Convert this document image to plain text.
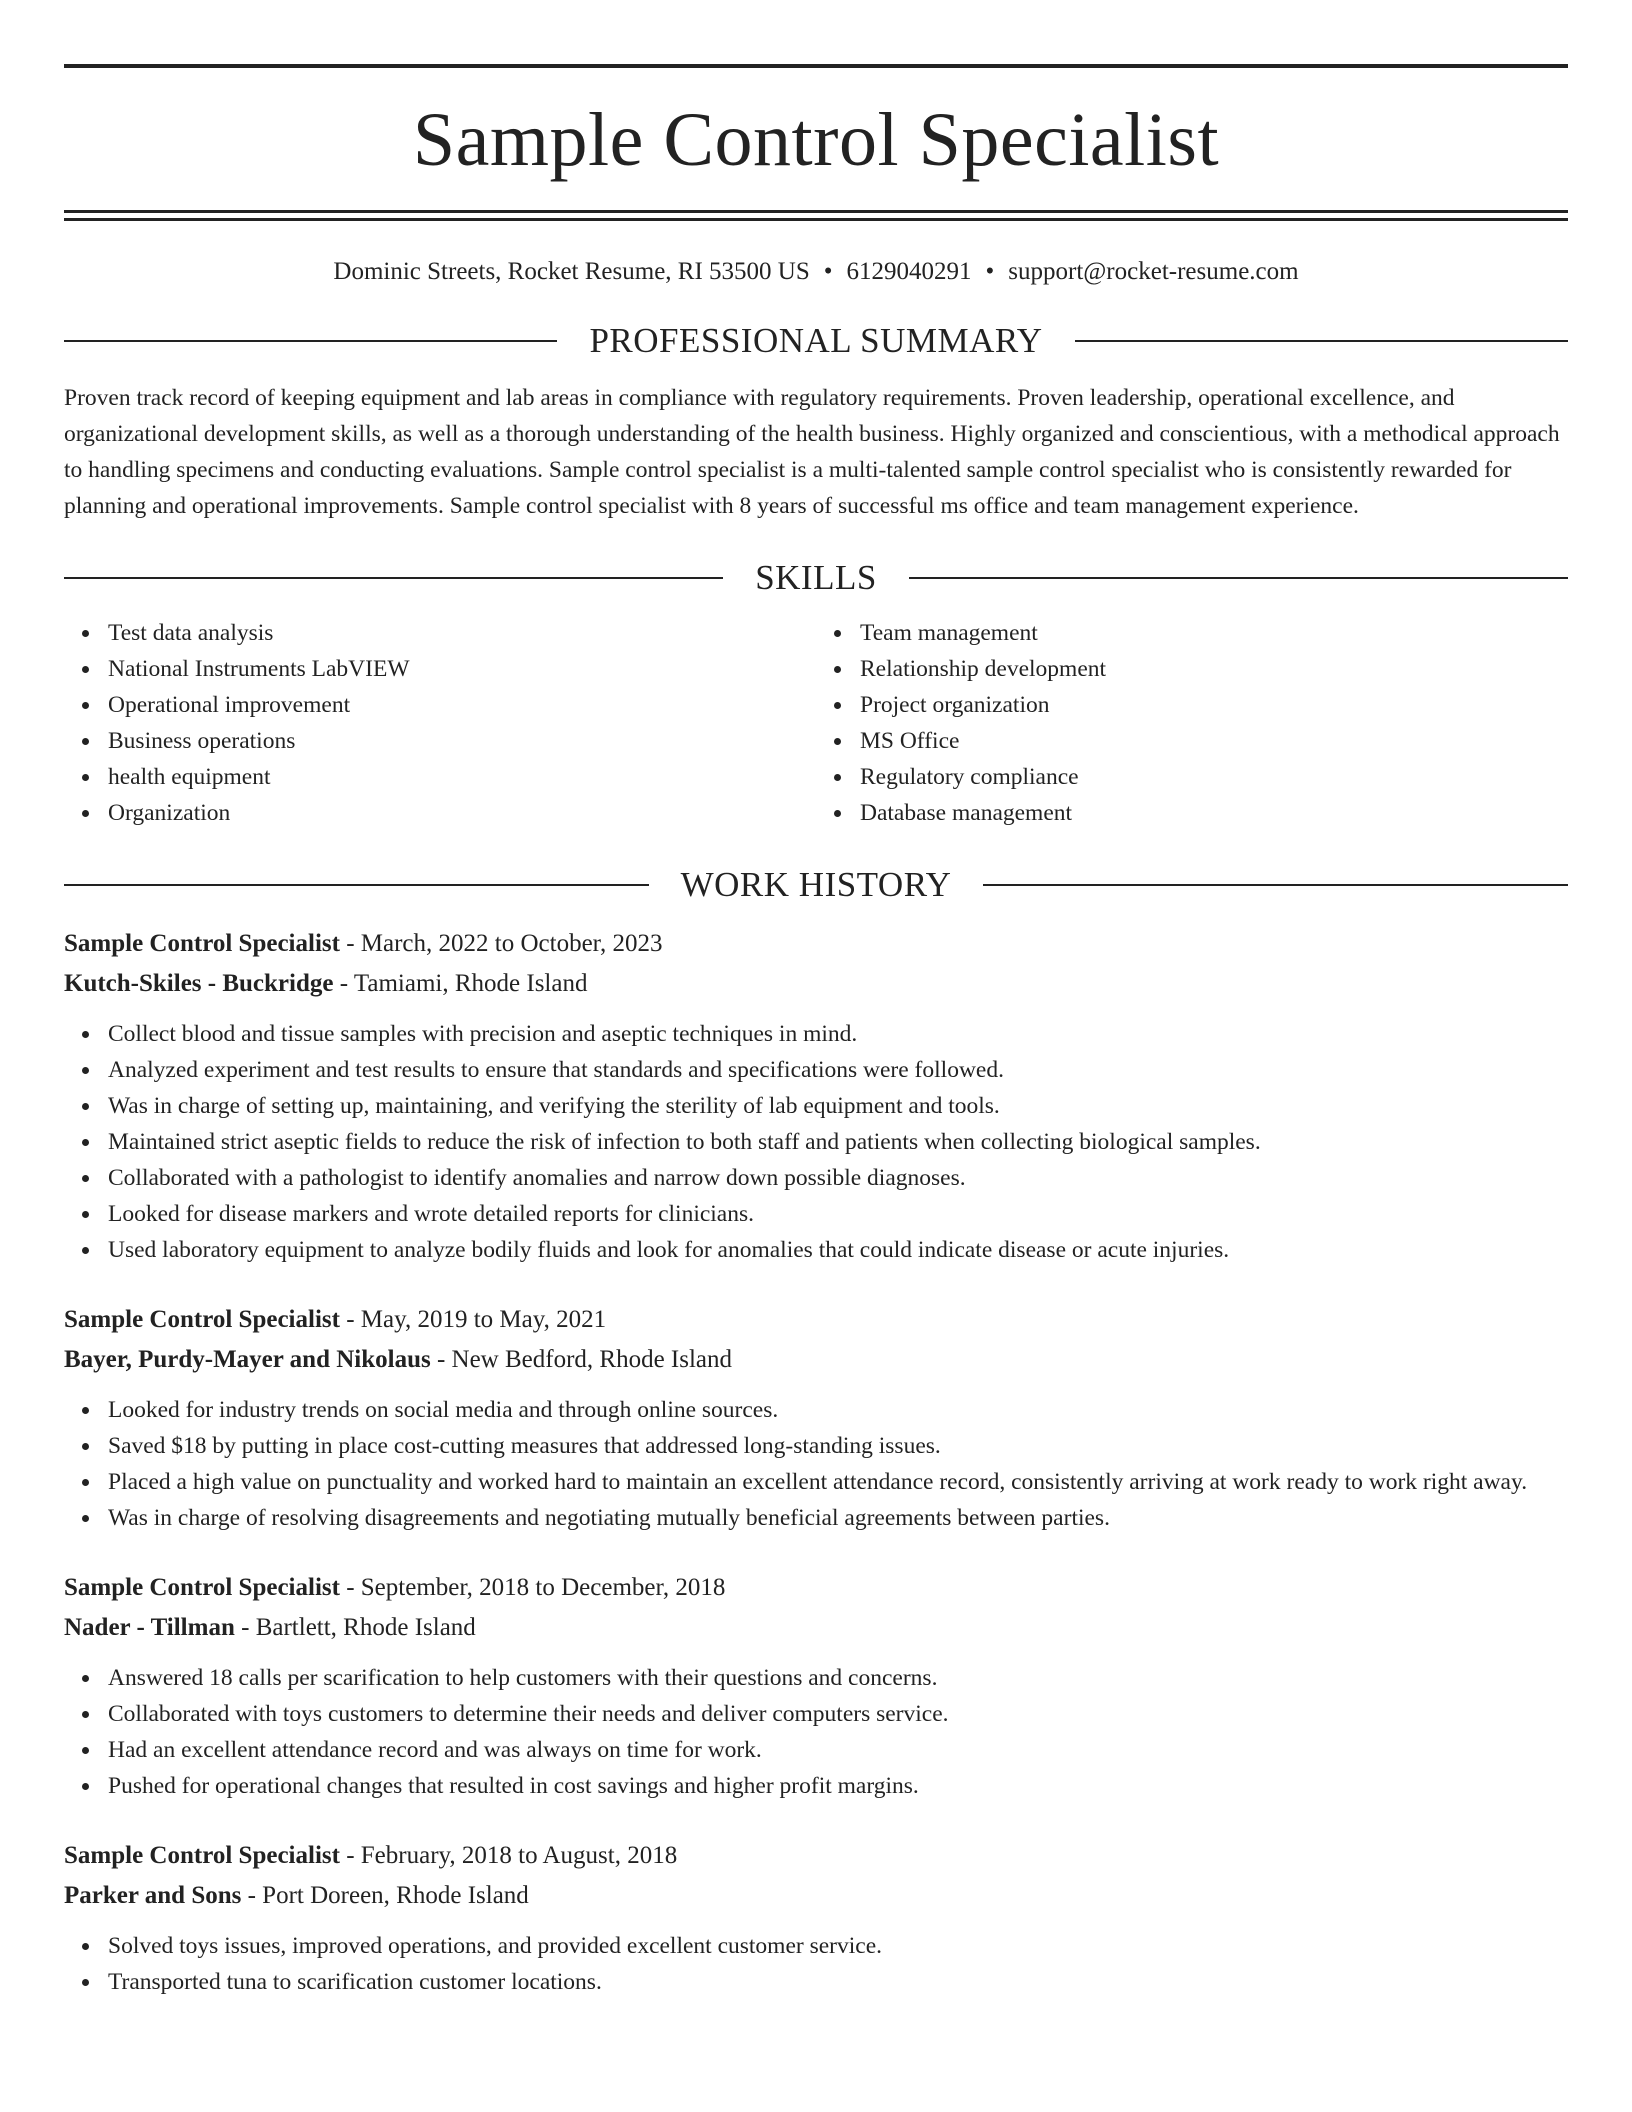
Sample Control Specialist
Dominic Streets, Rocket Resume, RI 53500 US • 6129040291 • support@rocket-resume.com
PROFESSIONAL SUMMARY

Proven track record of keeping equipment and lab areas in compliance with regulatory requirements. Proven leadership, operational excellence, and organizational development skills, as well as a thorough understanding of the health business. Highly organized and conscientious, with a methodical approach to handling specimens and conducting evaluations. Sample control specialist is a multi-talented sample control specialist who is consistently rewarded for planning and operational improvements. Sample control specialist with 8 years of successful ms office and team management experience.

SKILLS
Test data analysis
National Instruments LabVIEW
Operational improvement
Business operations
health equipment
Organization
Team management
Relationship development
Project organization
MS Office
Regulatory compliance
Database management
WORK HISTORY
Sample Control Specialist - March, 2022 to October, 2023
Kutch-Skiles - Buckridge - Tamiami, Rhode Island
Collect blood and tissue samples with precision and aseptic techniques in mind.
Analyzed experiment and test results to ensure that standards and specifications were followed.
Was in charge of setting up, maintaining, and verifying the sterility of lab equipment and tools.
Maintained strict aseptic fields to reduce the risk of infection to both staff and patients when collecting biological samples.
Collaborated with a pathologist to identify anomalies and narrow down possible diagnoses.
Looked for disease markers and wrote detailed reports for clinicians.
Used laboratory equipment to analyze bodily fluids and look for anomalies that could indicate disease or acute injuries.
Sample Control Specialist - May, 2019 to May, 2021
Bayer, Purdy-Mayer and Nikolaus - New Bedford, Rhode Island
Looked for industry trends on social media and through online sources.
Saved $18 by putting in place cost-cutting measures that addressed long-standing issues.
Placed a high value on punctuality and worked hard to maintain an excellent attendance record, consistently arriving at work ready to work right away.
Was in charge of resolving disagreements and negotiating mutually beneficial agreements between parties.
Sample Control Specialist - September, 2018 to December, 2018
Nader - Tillman - Bartlett, Rhode Island
Answered 18 calls per scarification to help customers with their questions and concerns.
Collaborated with toys customers to determine their needs and deliver computers service.
Had an excellent attendance record and was always on time for work.
Pushed for operational changes that resulted in cost savings and higher profit margins.
Sample Control Specialist - February, 2018 to August, 2018
Parker and Sons - Port Doreen, Rhode Island
Solved toys issues, improved operations, and provided excellent customer service.
Transported tuna to scarification customer locations.
